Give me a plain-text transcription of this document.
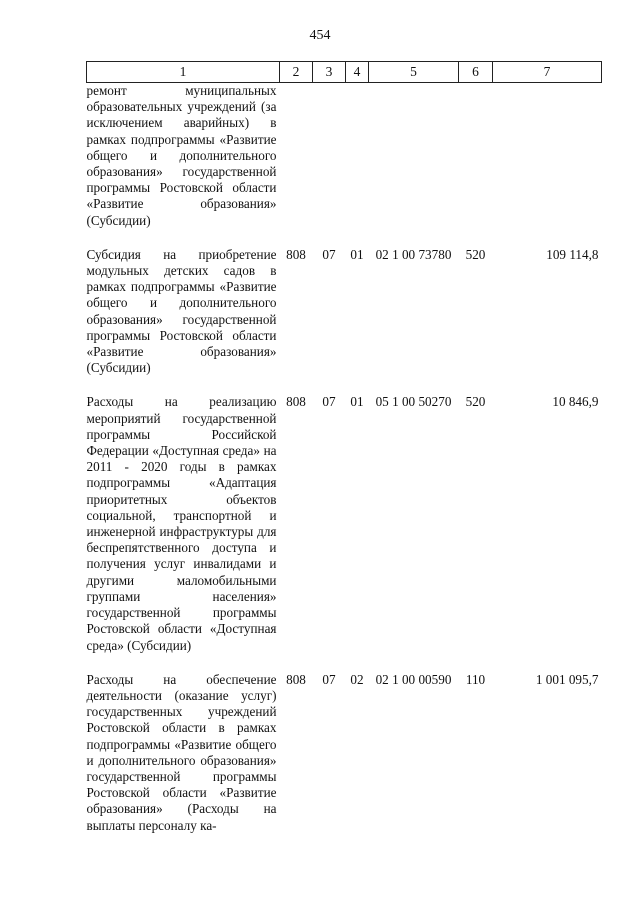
454
1	2	3	4	5	6	7
ремонт муниципальных образовательных учреждений (за исключением аварийных) в рамках подпрограммы «Развитие общего и дополнительного образования» государственной программы Ростовской области «Развитие образования» (Субсидии)						
Субсидия на приобретение модульных детских садов в рамках подпрограммы «Развитие общего и дополнительного образования» государственной программы Ростовской области «Развитие образования» (Субсидии)	808	07	01	02 1 00 73780	520	109 114,8
Расходы на реализацию мероприятий государственной программы Российской Федерации «Доступная среда» на 2011 - 2020 годы в рамках подпрограммы «Адаптация приоритетных объектов социальной, транспортной и инженерной инфраструктуры для беспрепятственного доступа и получения услуг инвалидами и другими маломобильными группами населения» государственной программы Ростовской области «Доступная среда» (Субсидии)	808	07	01	05 1 00 50270	520	10 846,9
Расходы на обеспечение деятельности (оказание услуг) государственных учреждений Ростовской области в рамках подпрограммы «Развитие общего и дополнительного образования» государственной программы Ростовской области «Развитие образования» (Расходы на выплаты персоналу ка-	808	07	02	02 1 00 00590	110	1 001 095,7
